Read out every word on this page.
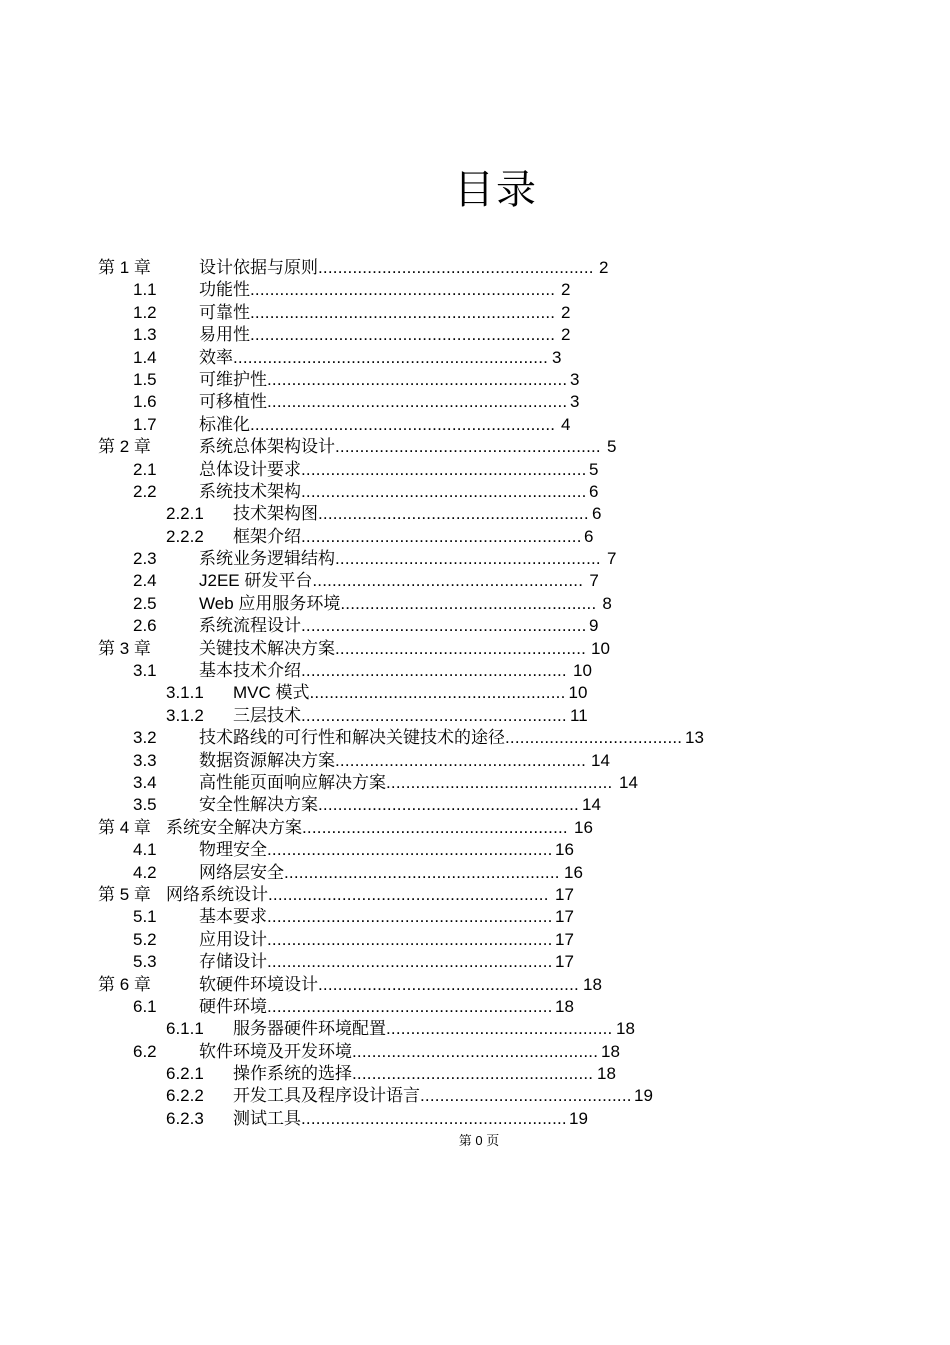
目录
第 1 章	设计依据与原则 ........................................................ 2
1.1 功能性 .............................................................. 2
1.2 可靠性 .............................................................. 2
1.3 易用性 .............................................................. 2
1.4 效率 ................................................................ 3
1.5 可维护性 ............................................................. 3
1.6 可移植性 ............................................................. 3
1.7 标准化 .............................................................. 4
第 2 章	系统总体架构设计 ...................................................... 5
2.1 总体设计要求 .......................................................... 5
2.2 系统技术架构 .......................................................... 6
2.2.1 技术架构图 ....................................................... 6
2.2.2 框架介绍 ......................................................... 6
2.3 系统业务逻辑结构 ...................................................... 7
2.4 J2EE 研发平台 ....................................................... 7
2.5 Web 应用服务环境 .................................................... 8
2.6 系统流程设计 .......................................................... 9
第 3 章	关键技术解决方案 ................................................... 10
3.1 基本技术介绍 ...................................................... 10
3.1.1 MVC 模式 .................................................... 10
3.1.2 三层技术 ...................................................... 11
3.2 技术路线的可行性和解决关键技术的途径 .................................... 13
3.3 数据资源解决方案 ................................................... 14
3.4 高性能页面响应解决方案 .............................................. 14
3.5 安全性解决方案 ..................................................... 14
第 4 章 系统安全解决方案 ...................................................... 16
4.1 物理安全 .......................................................... 16
4.2 网络层安全 ........................................................ 16
第 5 章 网络系统设计 ......................................................... 17
5.1 基本要求 .......................................................... 17
5.2 应用设计 .......................................................... 17
5.3 存储设计 .......................................................... 17
第 6 章	软硬件环境设计 ..................................................... 18
6.1 硬件环境 .......................................................... 18
6.1.1 服务器硬件环境配置 .............................................. 18
6.2 软件环境及开发环境 .................................................. 18
6.2.1 操作系统的选择 ................................................. 18
6.2.2 开发工具及程序设计语言 ........................................... 19
6.2.3 测试工具 ...................................................... 19
第 0 页
